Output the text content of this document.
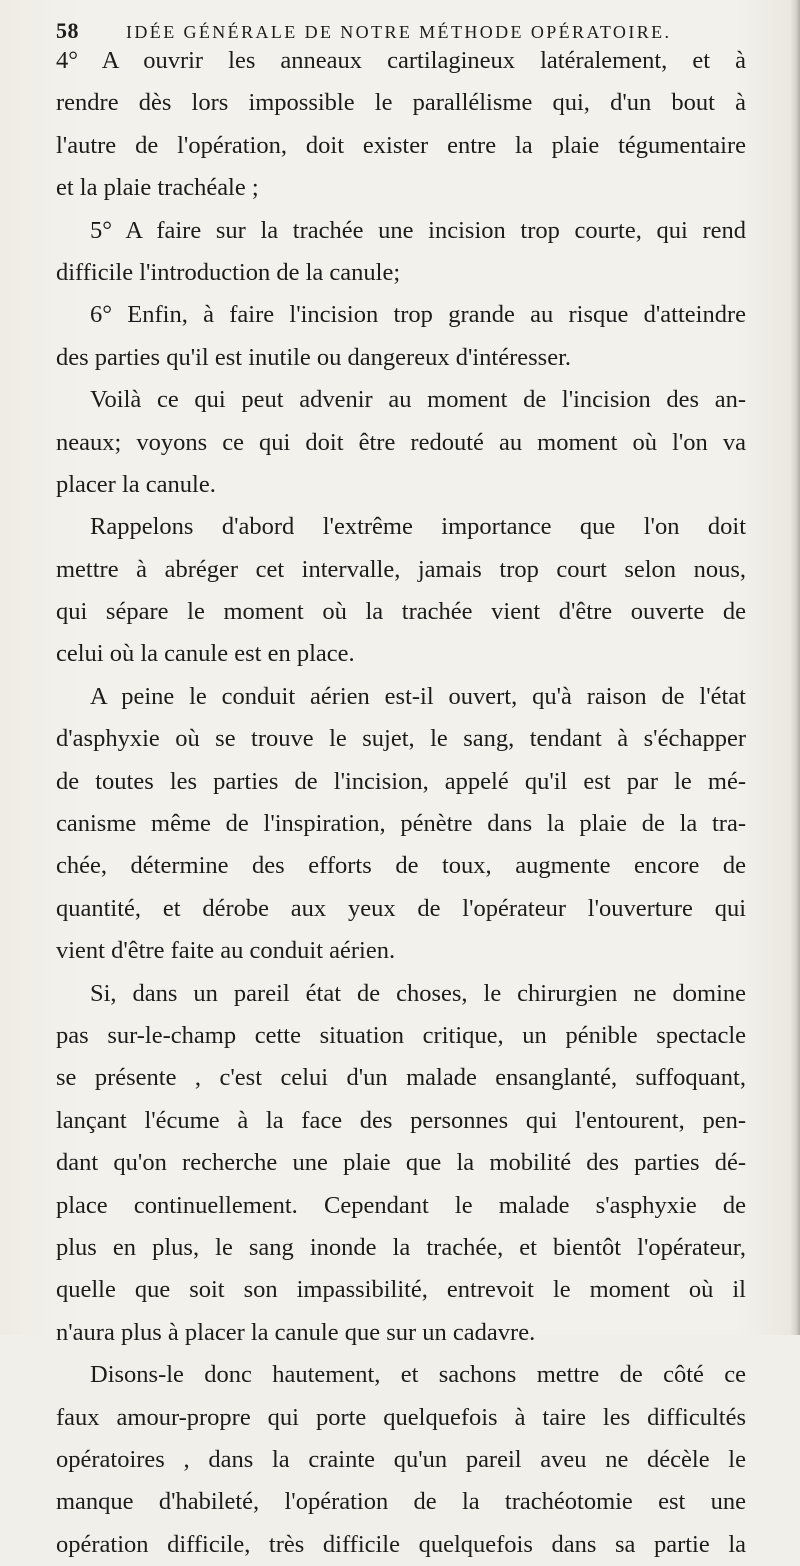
58	IDÉE GÉNÉRALE DE NOTRE MÉTHODE OPÉRATOIRE.
4° A ouvrir les anneaux cartilagineux latéralement, et à
rendre dès lors impossible le parallélisme qui, d'un bout à
l'autre de l'opération, doit exister entre la plaie tégumentaire
et la plaie trachéale ;
5° A faire sur la trachée une incision trop courte, qui rend
difficile l'introduction de la canule;
6° Enfin, à faire l'incision trop grande au risque d'atteindre
des parties qu'il est inutile ou dangereux d'intéresser.
Voilà ce qui peut advenir au moment de l'incision des an-
neaux; voyons ce qui doit être redouté au moment où l'on va
placer la canule.
Rappelons d'abord l'extrême importance que l'on doit
mettre à abréger cet intervalle, jamais trop court selon nous,
qui sépare le moment où la trachée vient d'être ouverte de
celui où la canule est en place.
A peine le conduit aérien est-il ouvert, qu'à raison de l'état
d'asphyxie où se trouve le sujet, le sang, tendant à s'échapper
de toutes les parties de l'incision, appelé qu'il est par le mé-
canisme même de l'inspiration, pénètre dans la plaie de la tra-
chée, détermine des efforts de toux, augmente encore de
quantité, et dérobe aux yeux de l'opérateur l'ouverture qui
vient d'être faite au conduit aérien.
Si, dans un pareil état de choses, le chirurgien ne domine
pas sur-le-champ cette situation critique, un pénible spectacle
se présente , c'est celui d'un malade ensanglanté, suffoquant,
lançant l'écume à la face des personnes qui l'entourent, pen-
dant qu'on recherche une plaie que la mobilité des parties dé-
place continuellement. Cependant le malade s'asphyxie de
plus en plus, le sang inonde la trachée, et bientôt l'opérateur,
quelle que soit son impassibilité, entrevoit le moment où il
n'aura plus à placer la canule que sur un cadavre.
Disons-le donc hautement, et sachons mettre de côté ce
faux amour-propre qui porte quelquefois à taire les difficultés
opératoires , dans la crainte qu'un pareil aveu ne décèle le
manque d'habileté, l'opération de la trachéotomie est une
opération difficile, très difficile quelquefois dans sa partie la
